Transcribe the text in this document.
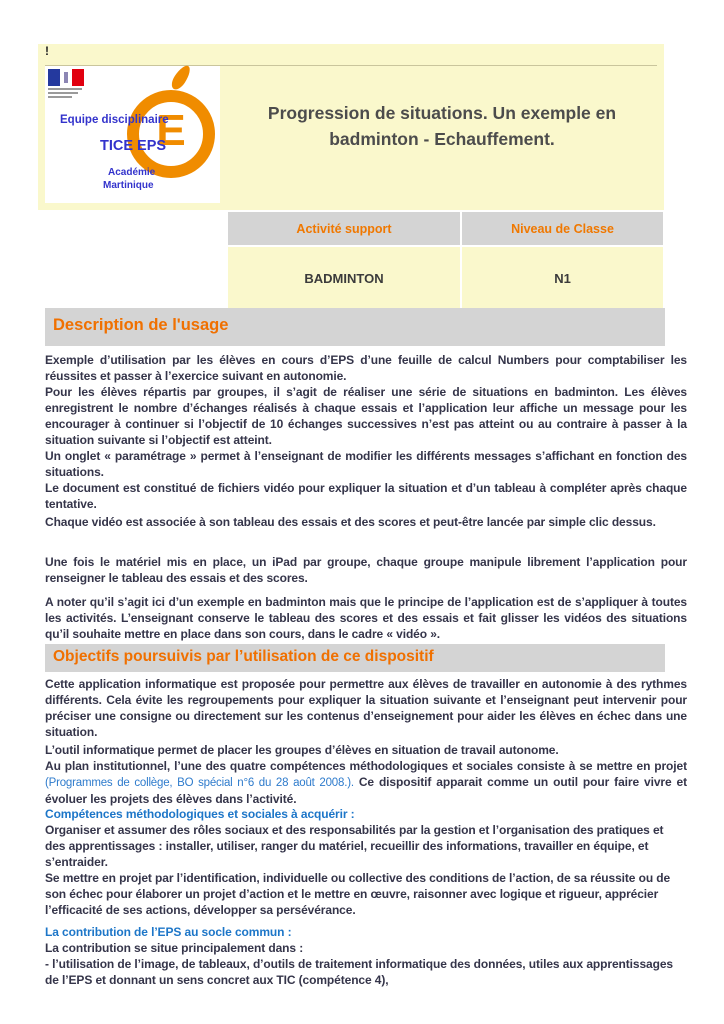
!
E
Equipe disciplinaire
TICE EPS
Académie
Martinique
Progression de situations. Un exemple en badminton - Echauffement.
Activité support	Niveau de Classe
BADMINTON	N1
Description de l'usage
Exemple d’utilisation par les élèves en cours d’EPS d’une feuille de calcul Numbers pour comptabiliser les réussites et passer à l’exercice suivant en autonomie.
Pour les élèves répartis par groupes, il s’agit de réaliser une série de situations en badminton. Les élèves enregistrent le nombre d’échanges réalisés à chaque essais et l’application leur affiche un message pour les encourager à continuer si l’objectif de 10 échanges successives n’est pas atteint ou au contraire à passer à la situation suivante si l’objectif est atteint.
Un onglet « paramétrage » permet à l’enseignant de modifier les différents messages s’affichant en fonction des situations.
Le document est constitué de fichiers vidéo pour expliquer la situation et d’un tableau à compléter après chaque tentative.
Chaque vidéo est associée à son tableau des essais et des scores et peut-être lancée par simple clic dessus.
Une fois le matériel mis en place, un iPad par groupe, chaque groupe manipule librement l’application pour renseigner le tableau des essais et des scores.
A noter qu’il s’agit ici d’un exemple en badminton mais que le principe de l’application est de s’appliquer à toutes les activités. L’enseignant conserve le tableau des scores et des essais et fait glisser les vidéos des situations qu’il souhaite mettre en place dans son cours, dans le cadre « vidéo ».
Objectifs poursuivis par l’utilisation de ce dispositif
Cette application informatique est proposée pour permettre aux élèves de travailler en autonomie à des rythmes différents. Cela évite les regroupements pour expliquer la situation suivante et l’enseignant peut intervenir pour préciser une consigne ou directement sur les contenus d’enseignement pour aider les élèves en échec dans une situation.
L’outil informatique permet de placer les groupes d’élèves en situation de travail autonome.
Au plan institutionnel, l’une des quatre compétences méthodologiques et sociales consiste à se mettre en projet (Programmes de collège, BO spécial n°6 du 28 août 2008.). Ce dispositif apparait comme un outil pour faire vivre et évoluer les projets des élèves dans l’activité.
Compétences méthodologiques et sociales à acquérir :
Organiser et assumer des rôles sociaux et des responsabilités par la gestion et l’organisation des pratiques et des apprentissages : installer, utiliser, ranger du matériel, recueillir des informations, travailler en équipe, et s’entraider.
Se mettre en projet par l’identification, individuelle ou collective des conditions de l’action, de sa réussite ou de son échec pour élaborer un projet d’action et le mettre en œuvre, raisonner avec logique et rigueur, apprécier l’efficacité de ses actions, développer sa persévérance.
La contribution de l’EPS au socle commun :
La contribution se situe principalement dans :
- l’utilisation de l’image, de tableaux, d’outils de traitement informatique des données, utiles aux apprentissages de l’EPS et donnant un sens concret aux TIC (compétence 4),
